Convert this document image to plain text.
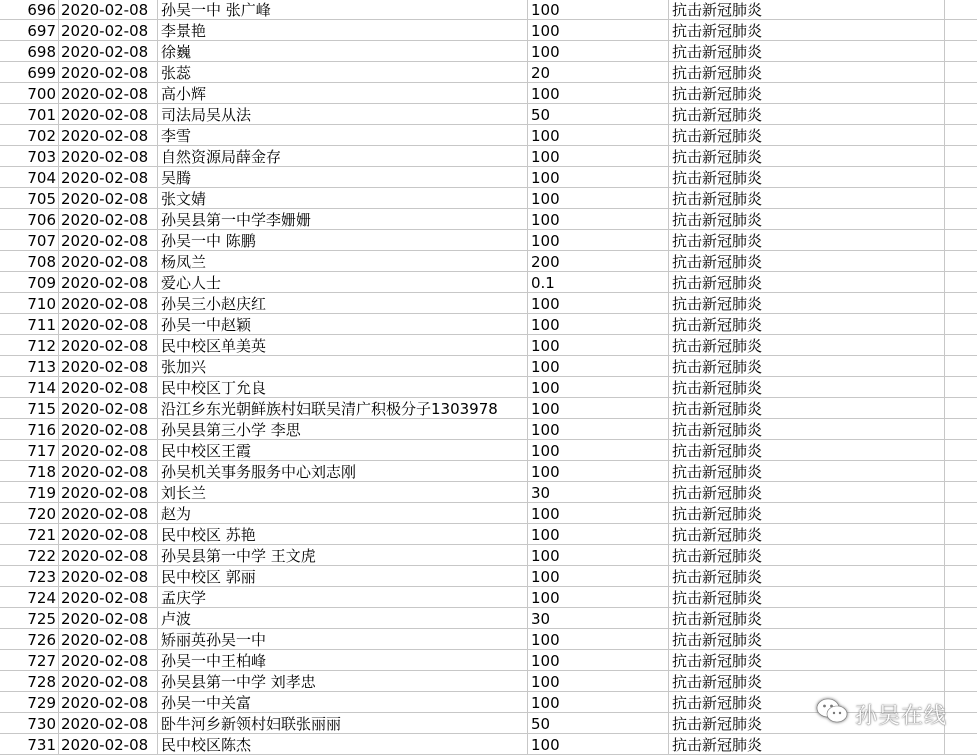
696 2020-02-08 孙吴一中 张广峰	100	抗击新冠肺炎
697 2020-02-08 李景艳	100	抗击新冠肺炎
698 2020-02-08 徐巍	100	抗击新冠肺炎
699 2020-02-08 张蕊	20	抗击新冠肺炎
700 2020-02-08 高小辉	100	抗击新冠肺炎
701 2020-02-08 司法局吴从法	50	抗击新冠肺炎
702 2020-02-08 李雪	100	抗击新冠肺炎
703 2020-02-08 自然资源局薛金存	100	抗击新冠肺炎
704 2020-02-08 吴腾	100	抗击新冠肺炎
705 2020-02-08 张文婧	100	抗击新冠肺炎
706 2020-02-08 孙吴县第一中学李姗姗	100	抗击新冠肺炎
707 2020-02-08 孙吴一中 陈鹏	100	抗击新冠肺炎
708 2020-02-08 杨凤兰	200	抗击新冠肺炎
709 2020-02-08 爱心人士	0.1	抗击新冠肺炎
710 2020-02-08 孙吴三小赵庆红	100	抗击新冠肺炎
711 2020-02-08 孙吴一中赵颖	100	抗击新冠肺炎
712 2020-02-08 民中校区单美英	100	抗击新冠肺炎
713 2020-02-08 张加兴	100	抗击新冠肺炎
714 2020-02-08 民中校区丁允良	100	抗击新冠肺炎
715 2020-02-08 沿江乡东光朝鲜族村妇联吴清广积极分子1303978	100	抗击新冠肺炎
716 2020-02-08 孙吴县第三小学 李思	100	抗击新冠肺炎
717 2020-02-08 民中校区王霞	100	抗击新冠肺炎
718 2020-02-08 孙吴机关事务服务中心刘志刚	100	抗击新冠肺炎
719 2020-02-08 刘长兰	30	抗击新冠肺炎
720 2020-02-08 赵为	100	抗击新冠肺炎
721 2020-02-08 民中校区 苏艳	100	抗击新冠肺炎
722 2020-02-08 孙吴县第一中学 王文虎	100	抗击新冠肺炎
723 2020-02-08 民中校区 郭丽	100	抗击新冠肺炎
724 2020-02-08 孟庆学	100	抗击新冠肺炎
725 2020-02-08 卢波	30	抗击新冠肺炎
726 2020-02-08 矫丽英孙吴一中	100	抗击新冠肺炎
727 2020-02-08 孙吴一中王柏峰	100	抗击新冠肺炎
728 2020-02-08 孙吴县第一中学 刘孝忠	100	抗击新冠肺炎
729 2020-02-08 孙吴一中关富	100	抗击新冠肺炎
730 2020-02-08 卧牛河乡新领村妇联张丽丽	50	抗击新冠肺炎
731 2020-02-08 民中校区陈杰	100	抗击新冠肺炎
孙吴在线
